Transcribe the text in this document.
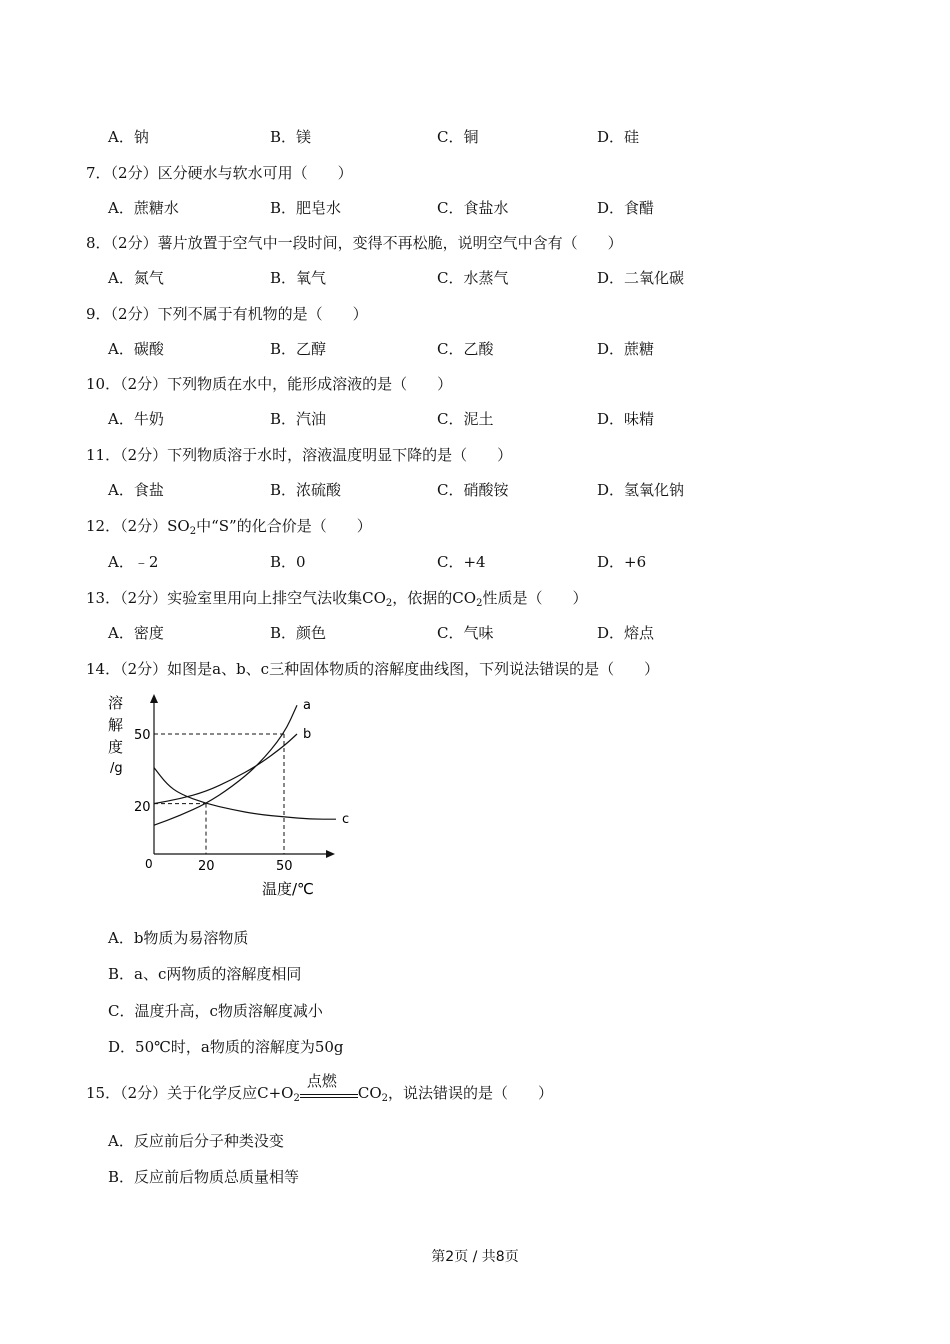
A．钠	B．镁	C．铜	D．硅
7．（2分）区分硬水与软水可用（　　）
A．蔗糖水	B．肥皂水	C．食盐水	D．食醋
8．（2分）薯片放置于空气中一段时间，变得不再松脆，说明空气中含有（　　）
A．氮气	B．氧气	C．水蒸气	D．二氧化碳
9．（2分）下列不属于有机物的是（　　）
A．碳酸	B．乙醇	C．乙酸	D．蔗糖
10．（2分）下列物质在水中，能形成溶液的是（　　）
A．牛奶	B．汽油	C．泥土	D．味精
11．（2分）下列物质溶于水时，溶液温度明显下降的是（　　）
A．食盐	B．浓硫酸	C．硝酸铵	D．氢氧化钠
12．（2分）$SO_2$中“S”的化合价是（　　）
A．﹣2	B．0	C．+4	D．+6
13．（2分）实验室里用向上排空气法收集$CO_2$，依据的$CO_2$性质是（　　）
A．密度	B．颜色	C．气味	D．熔点
14．（2分）如图是a、b、c三种固体物质的溶解度曲线图，下列说法错误的是（　　）
溶
解
度
/g
0	20	50
20
50
a
b
c
温度/℃
A．b物质为易溶物质
B．a、c两物质的溶解度相同
C．温度升高，c物质溶解度减小
D．50℃时，a物质的溶解度为50g
15．（2分）关于化学反应$C+O_2$
点燃
$CO_2$，说法错误的是（　　）
A．反应前后分子种类没变
B．反应前后物质总质量相等
第2页 / 共8页
